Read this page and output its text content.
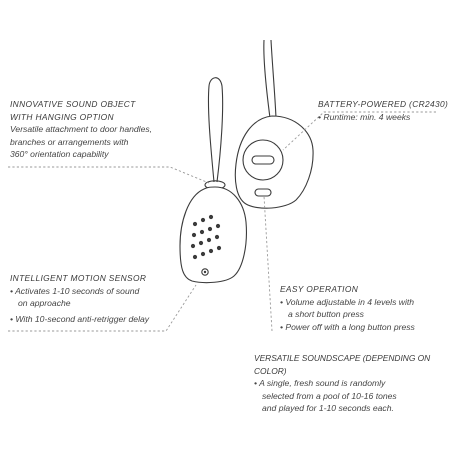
INNOVATIVE SOUND OBJECT
WITH HANGING OPTION
Versatile attachment to door handles,
branches or arrangements with
360° orientation capability
BATTERY-POWERED (CR2430)
• Runtime: min. 4 weeks
INTELLIGENT MOTION SENSOR
• Activates 1-10 seconds of sound
on approache
• With 10-second anti-retrigger delay
EASY OPERATION
• Volume adjustable in 4 levels with
a short button press
• Power off with a long button press
VERSATILE SOUNDSCAPE (DEPENDING ON COLOR)
• A single, fresh sound is randomly
selected from a pool of 10-16 tones
and played for 1-10 seconds each.
